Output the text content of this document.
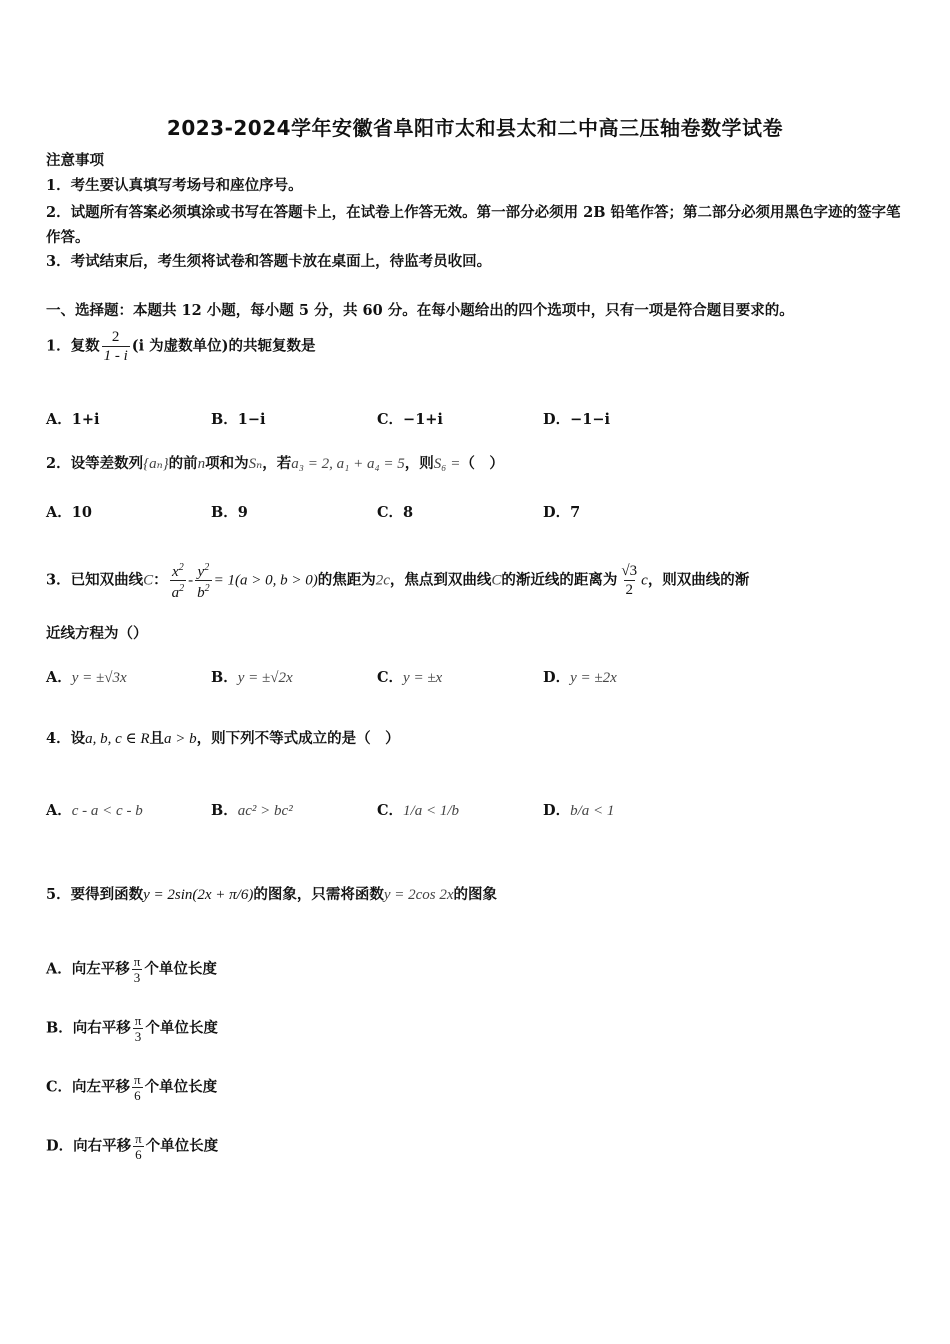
2023-2024学年安徽省阜阳市太和县太和二中高三压轴卷数学试卷
注意事项
1．考生要认真填写考场号和座位序号。
2．试题所有答案必须填涂或书写在答题卡上，在试卷上作答无效。第一部分必须用 2B 铅笔作答；第二部分必须用黑色字迹的签字笔作答。
3．考试结束后，考生须将试卷和答题卡放在桌面上，待监考员收回。
一、选择题：本题共 12 小题，每小题 5 分，共 60 分。在每小题给出的四个选项中，只有一项是符合题目要求的。
1．复数 $\frac{2}{1 - i} (i$ 为虚数单位)的共轭复数是
A．1+i	B．1−i	C．−1+i	D．−1−i
2．设等差数列{aₙ}的前n项和为Sₙ，若a₃ = 2, a₁ + a₄ = 5，则S₆ =（　）
A．10	B．9	C．8	D．7
3．已知双曲线C： $\frac{x^2}{a^2} - \frac{y^2}{b^2} = 1(a > 0$, b > 0)的焦距为2c，焦点到双曲线C的渐近线的距离为 $\frac{√3}{2}$ c，则双曲线的渐
近线方程为（）
A．y = ±√3x	B．y = ±√2x	C．y = ±x	D．y = ±2x
4．设a, b, c ∈ R且a > b，则下列不等式成立的是（　）
A．c - a < c - b	B．ac² > bc²	C．1/a < 1/b	D．b/a < 1
5．要得到函数y = 2sin(2x + π/6)的图象，只需将函数y = 2cos 2x的图象
A．向左平移 $\frac{\pi}{3}$ 个单位长度
B．向右平移 $\frac{\pi}{3}$ 个单位长度
C．向左平移 $\frac{\pi}{6}$ 个单位长度
D．向右平移 $\frac{\pi}{6}$ 个单位长度
